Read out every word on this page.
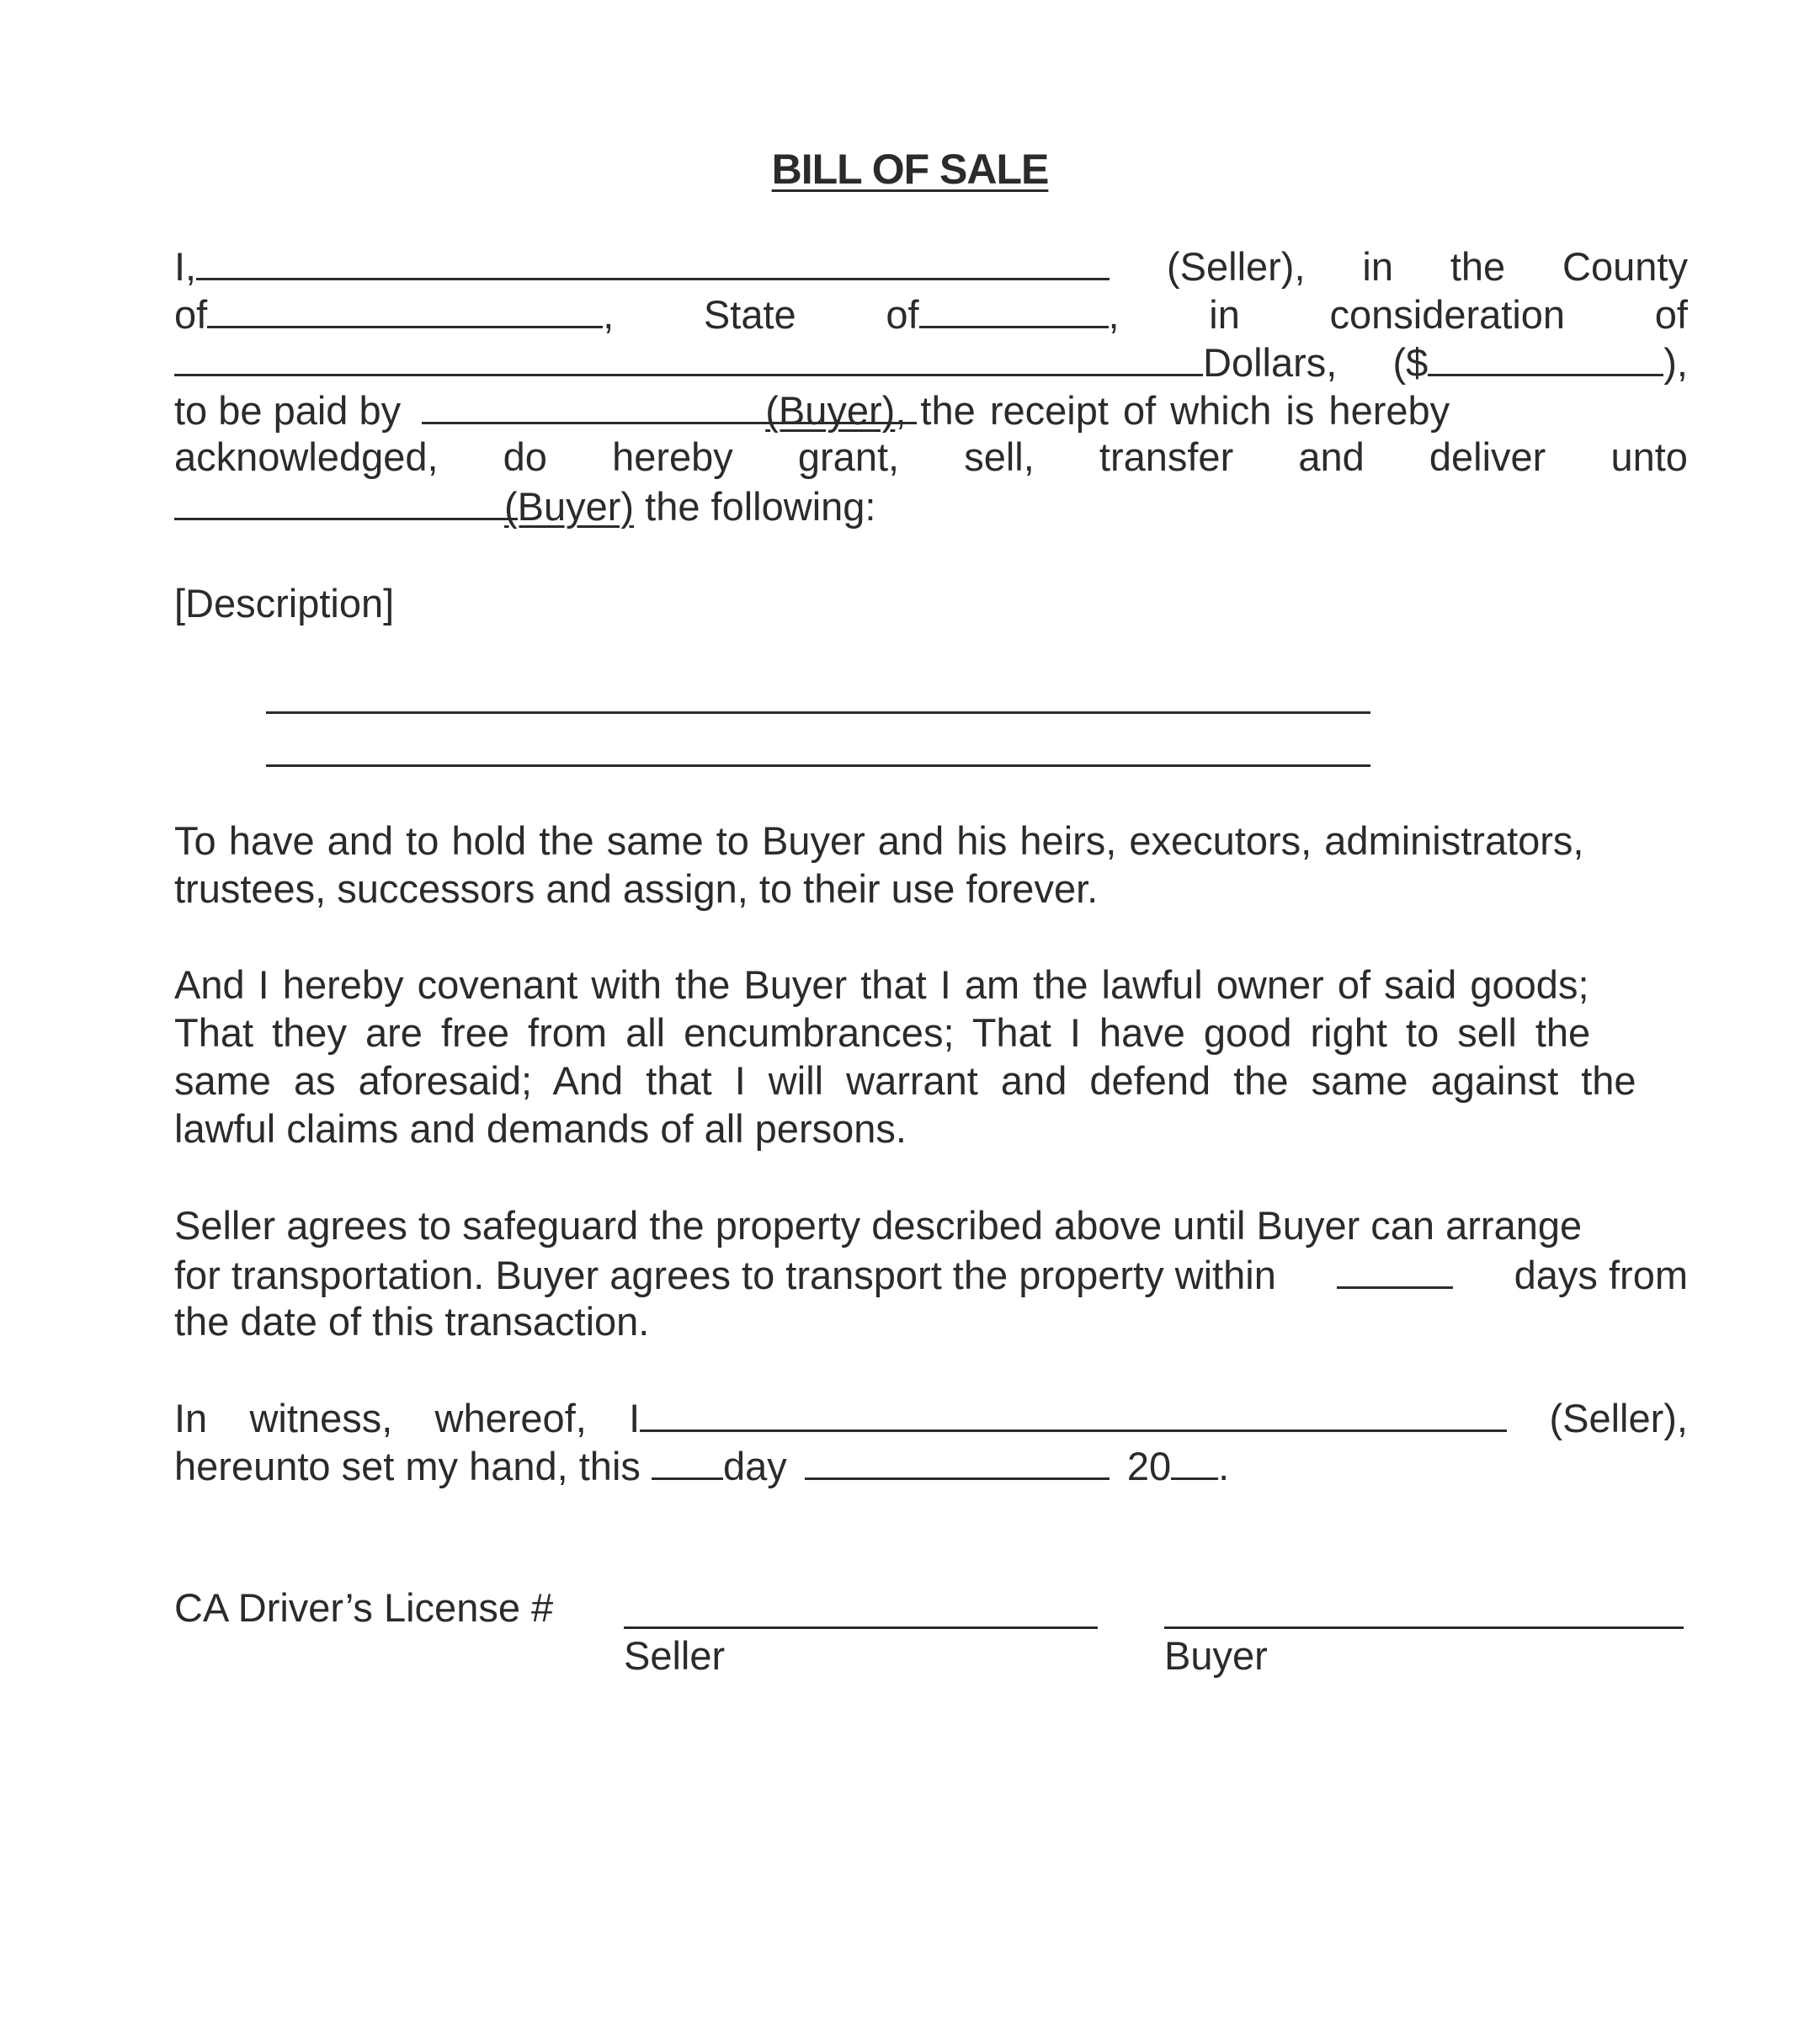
BILL OF SALE
I,	(Seller), in the County
of	, State of	, in consideration of
Dollars, ($	),
to be paid by	(Buyer), the receipt of which is hereby
acknowledged, do hereby grant, sell, transfer and deliver unto
(Buyer) the following:
[Description]
To have and to hold the same to Buyer and his heirs, executors, administrators,
trustees, successors and assign, to their use forever.
And I hereby covenant with the Buyer that I am the lawful owner of said goods;
That they are free from all encumbrances; That I have good right to sell the
same as aforesaid; And that I will warrant and defend the same against the
lawful claims and demands of all persons.
Seller agrees to safeguard the property described above until Buyer can arrange
for transportation. Buyer agrees to transport the property within	days from
the date of this transaction.
In witness, whereof, I	(Seller),
hereunto set my hand, this day	20 .
CA Driver’s License #
Seller	Buyer
